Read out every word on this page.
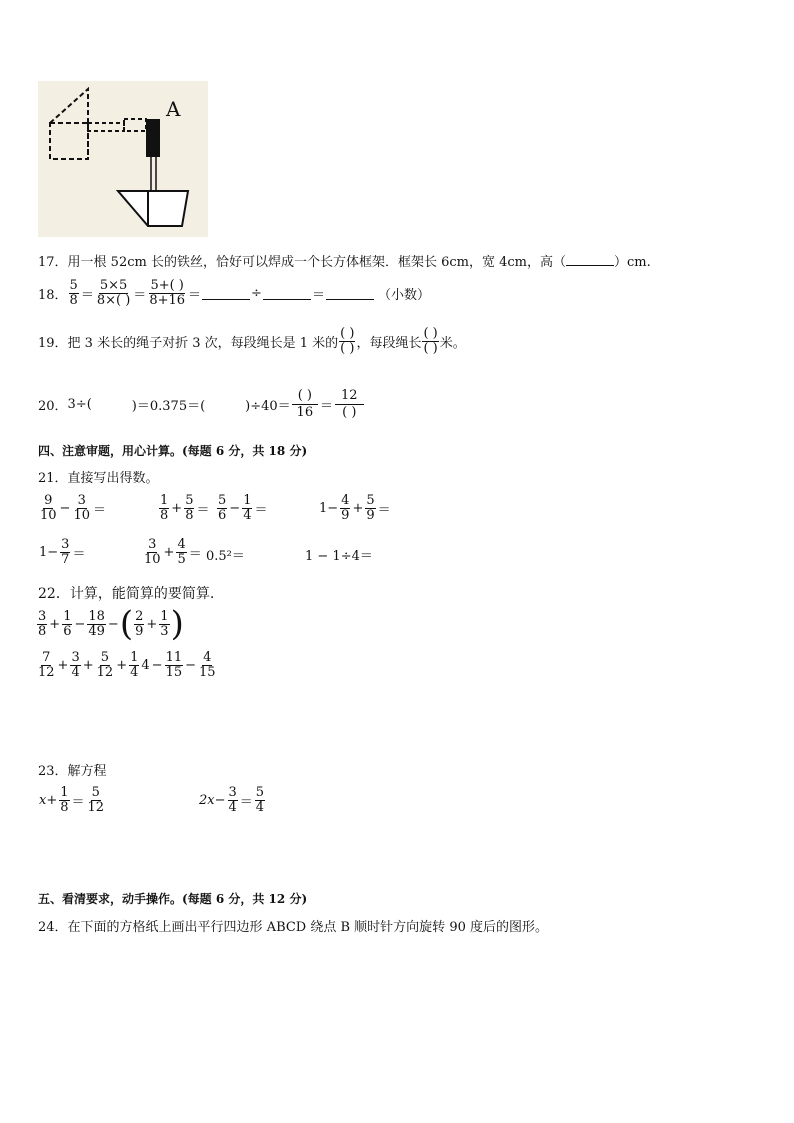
A
17．用一根 52cm 长的铁丝，恰好可以焊成一个长方体框架．框架长 6cm，宽 4cm，高（	）cm.
18． $\frac{5}{8} = \frac{5\times 5}{8\times( )} = \frac{5+( )}{8+16}$ ＝	÷	＝	（小数）
19． 把 3 米长的绳子对折 3 次，每段绳长是 1 米的 $\frac{( )}{( )}$ ，每段绳长 $\frac{( )}{( )}$ 米。
20． 3÷(	)＝0.375＝(	)$\div 40= \frac{( )}{16} = \frac{12}{( )}$
四、注意审题，用心计算。(每题 6 分，共 18 分)
21．直接写出得数。
$\frac{9}{10} - \frac{3}{10}$ ＝	$\frac{1}{8} + \frac{5}{8} = \frac{5}{6} - \frac{1}{4}$ ＝	$1- \frac{4}{9} + \frac{5}{9}$ ＝
$1- \frac{3}{7}$ ＝	$\frac{3}{10} + \frac{4}{5} = 0.5^2=$	1 − 1÷4＝
22．计算，能简算的要简算.
$\frac{3}{8} + \frac{1}{6} - \frac{18}{49}$ − ( $\frac{2}{9} + \frac{1}{3}$ )
$\frac{7}{12} + \frac{3}{4} + \frac{5}{12} + \frac{1}{4} 4 - \frac{11}{15} - \frac{4}{15}$
23．解方程
$x+ \frac{1}{8} = \frac{5}{12}$	$2x- \frac{3}{4} = \frac{5}{4}$
五、看清要求，动手操作。(每题 6 分，共 12 分)
24．在下面的方格纸上画出平行四边形 ABCD 绕点 B 顺时针方向旋转 90 度后的图形。
